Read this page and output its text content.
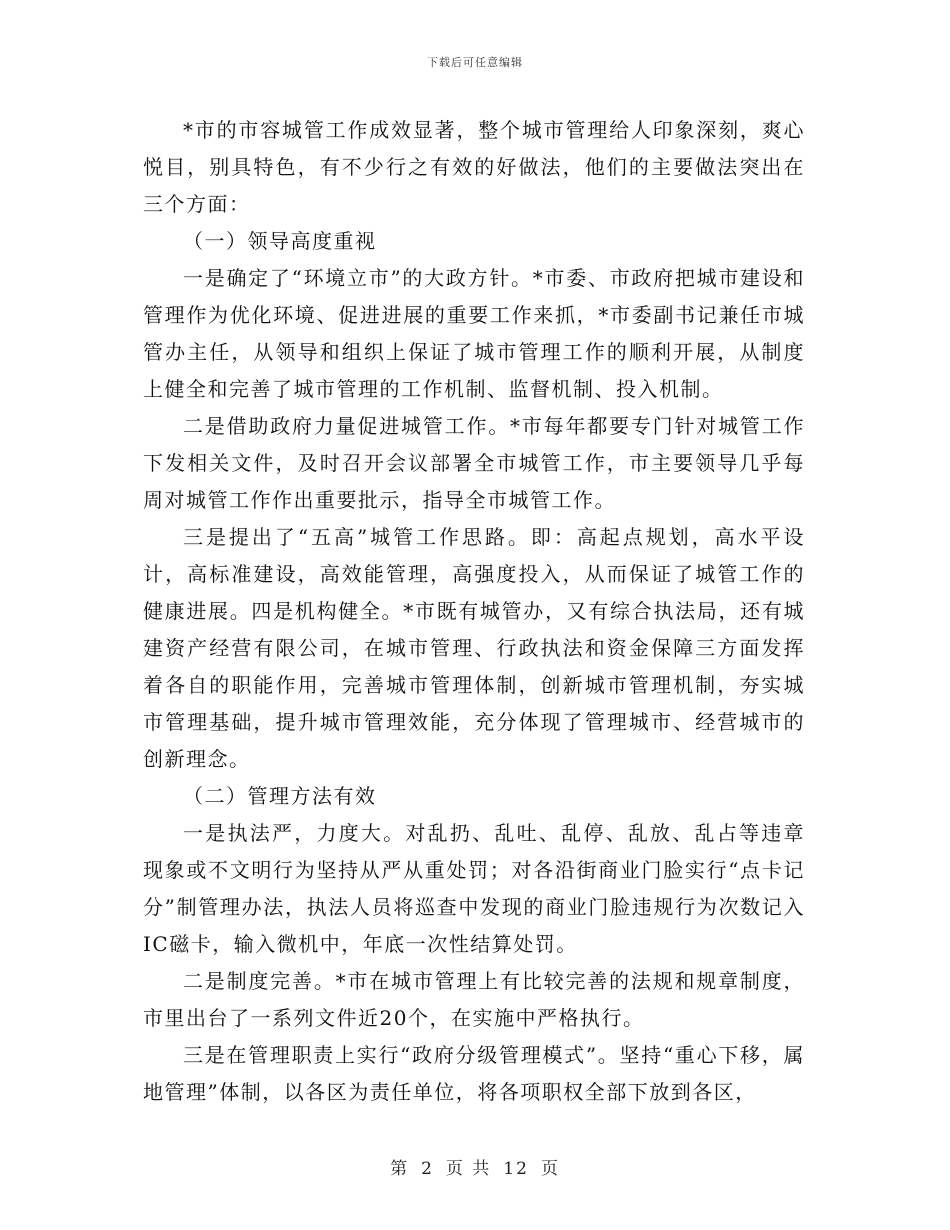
下载后可任意编辑

*市的市容城管工作成效显著，整个城市管理给人印象深刻，爽心悦目，别具特色，有不少行之有效的好做法，他们的主要做法突出在三个方面：

（一）领导高度重视

一是确定了“环境立市”的大政方针。*市委、市政府把城市建设和管理作为优化环境、促进进展的重要工作来抓，*市委副书记兼任市城管办主任，从领导和组织上保证了城市管理工作的顺利开展，从制度上健全和完善了城市管理的工作机制、监督机制、投入机制。

二是借助政府力量促进城管工作。*市每年都要专门针对城管工作下发相关文件，及时召开会议部署全市城管工作，市主要领导几乎每周对城管工作作出重要批示，指导全市城管工作。

三是提出了“五高”城管工作思路。即：高起点规划，高水平设计，高标准建设，高效能管理，高强度投入，从而保证了城管工作的健康进展。四是机构健全。*市既有城管办，又有综合执法局，还有城建资产经营有限公司，在城市管理、行政执法和资金保障三方面发挥着各自的职能作用，完善城市管理体制，创新城市管理机制，夯实城市管理基础，提升城市管理效能，充分体现了管理城市、经营城市的创新理念。

（二）管理方法有效

一是执法严，力度大。对乱扔、乱吐、乱停、乱放、乱占等违章现象或不文明行为坚持从严从重处罚；对各沿街商业门脸实行“点卡记分”制管理办法，执法人员将巡查中发现的商业门脸违规行为次数记入IC磁卡，输入微机中，年底一次性结算处罚。

二是制度完善。*市在城市管理上有比较完善的法规和规章制度，市里出台了一系列文件近20个，在实施中严格执行。

三是在管理职责上实行“政府分级管理模式”。坚持“重心下移，属地管理”体制，以各区为责任单位，将各项职权全部下放到各区，

第 2 页 共 12 页
